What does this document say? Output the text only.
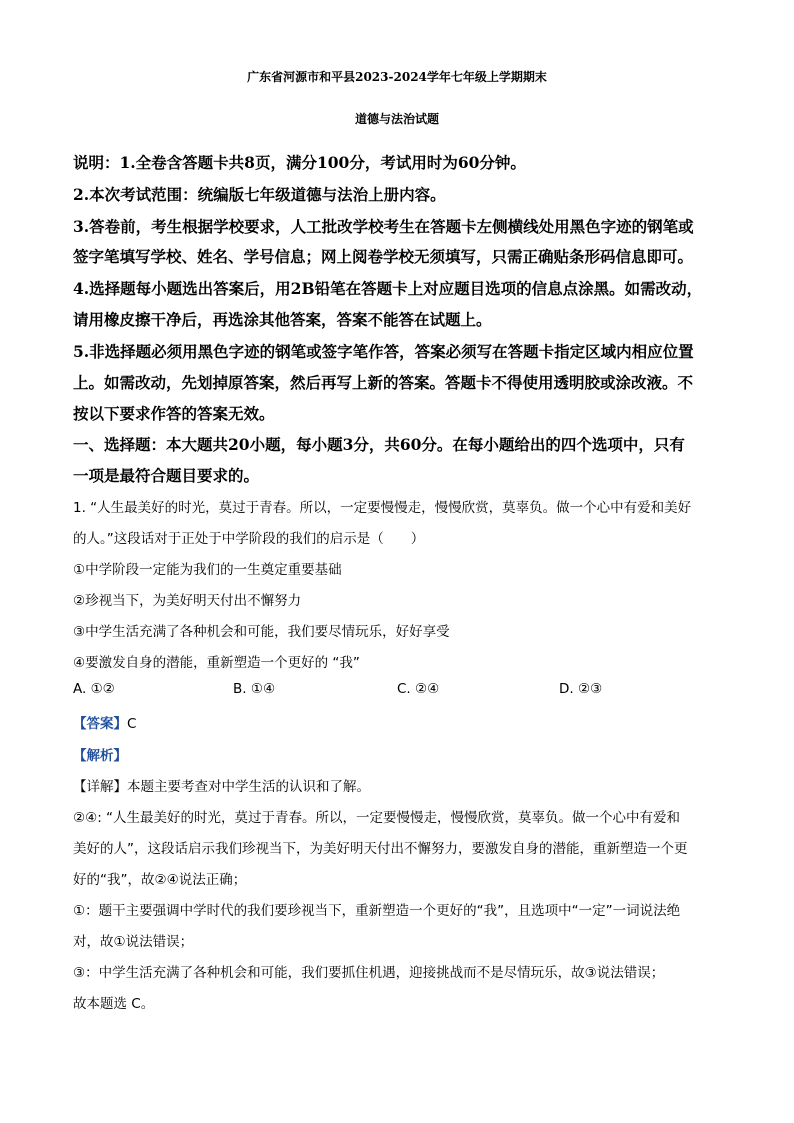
广东省河源市和平县2023-2024学年七年级上学期期末
道德与法治试题
说明：1.全卷含答题卡共8页，满分100分，考试用时为60分钟。
2.本次考试范围：统编版七年级道德与法治上册内容。
3.答卷前，考生根据学校要求，人工批改学校考生在答题卡左侧横线处用黑色字迹的钢笔或
签字笔填写学校、姓名、学号信息；网上阅卷学校无须填写，只需正确贴条形码信息即可。
4.选择题每小题选出答案后，用2B铅笔在答题卡上对应题目选项的信息点涂黑。如需改动，
请用橡皮擦干净后，再选涂其他答案，答案不能答在试题上。
5.非选择题必须用黑色字迹的钢笔或签字笔作答，答案必须写在答题卡指定区域内相应位置
上。如需改动，先划掉原答案，然后再写上新的答案。答题卡不得使用透明胶或涂改液。不
按以下要求作答的答案无效。
一、选择题：本大题共20小题，每小题3分，共60分。在每小题给出的四个选项中，只有
一项是最符合题目要求的。
1. “人生最美好的时光，莫过于青春。所以，一定要慢慢走，慢慢欣赏，莫辜负。做一个心中有爱和美好
的人。”这段话对于正处于中学阶段的我们的启示是（　　）
①中学阶段一定能为我们的一生奠定重要基础
②珍视当下，为美好明天付出不懈努力
③中学生活充满了各种机会和可能，我们要尽情玩乐，好好享受
④要激发自身的潜能，重新塑造一个更好的 “我”
A. ①②	B. ①④	C. ②④	D. ②③
【答案】C
【解析】
【详解】本题主要考查对中学生活的认识和了解。
②④: “人生最美好的时光，莫过于青春。所以，一定要慢慢走，慢慢欣赏，莫辜负。做一个心中有爱和
美好的人”，这段话启示我们珍视当下，为美好明天付出不懈努力，要激发自身的潜能，重新塑造一个更
好的“我”，故②④说法正确；
①：题干主要强调中学时代的我们要珍视当下，重新塑造一个更好的“我”，且选项中“一定”一词说法绝
对，故①说法错误；
③：中学生活充满了各种机会和可能，我们要抓住机遇，迎接挑战而不是尽情玩乐，故③说法错误；
故本题选 C。
